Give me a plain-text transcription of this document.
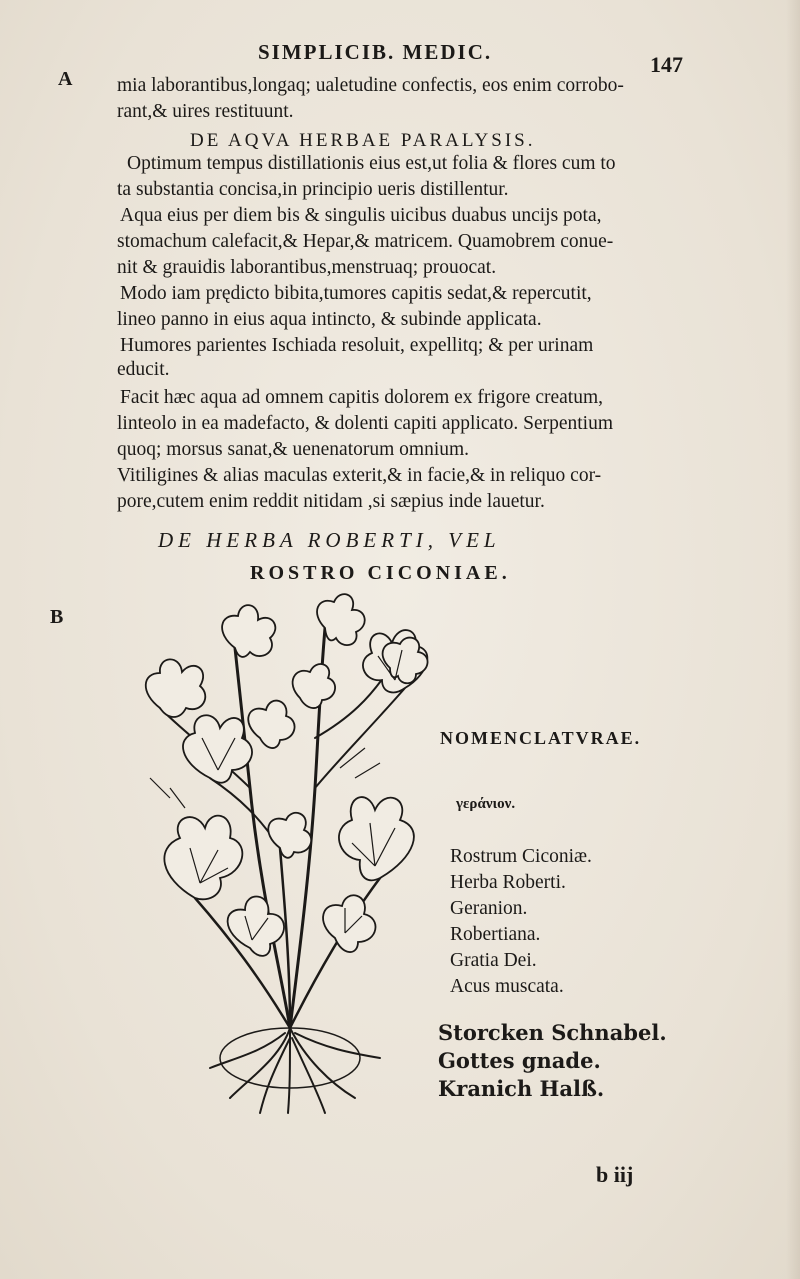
SIMPLICIB. MEDIC.	147
A
B
mia laborantibus,longaq; ualetudine confectis, eos enim corrobo-
rant,& uires restituunt.
DE AQVA HERBAE PARALYSIS.
Optimum tempus distillationis eius est,ut folia & flores cum to
ta substantia concisa,in principio ueris distillentur.
Aqua eius per diem bis & singulis uicibus duabus uncijs pota,
stomachum calefacit,& Hepar,& matricem. Quamobrem conue-
nit & grauidis laborantibus,menstruaq; prouocat.
Modo iam prędicto bibita,tumores capitis sedat,& repercutit,
lineo panno in eius aqua intincto, & subinde applicata.
Humores parientes Ischiada resoluit, expellitq; & per urinam
educit.
Facit hæc aqua ad omnem capitis dolorem ex frigore creatum,
linteolo in ea madefacto, & dolenti capiti applicato. Serpentium
quoq; morsus sanat,& uenenatorum omnium.
Vitiligines & alias maculas exterit,& in facie,& in reliquo cor-
pore,cutem enim reddit nitidam ,si sæpius inde lauetur.
DE HERBA ROBERTI, VEL
ROSTRO CICONIAE.
NOMENCLATVRAE.
γεράνιον.
Rostrum Ciconiæ.
Herba Roberti.
Geranion.
Robertiana.
Gratia Dei.
Acus muscata.
Storcken Schnabel.
Gottes gnade.
Kranich Halß.
b iij
